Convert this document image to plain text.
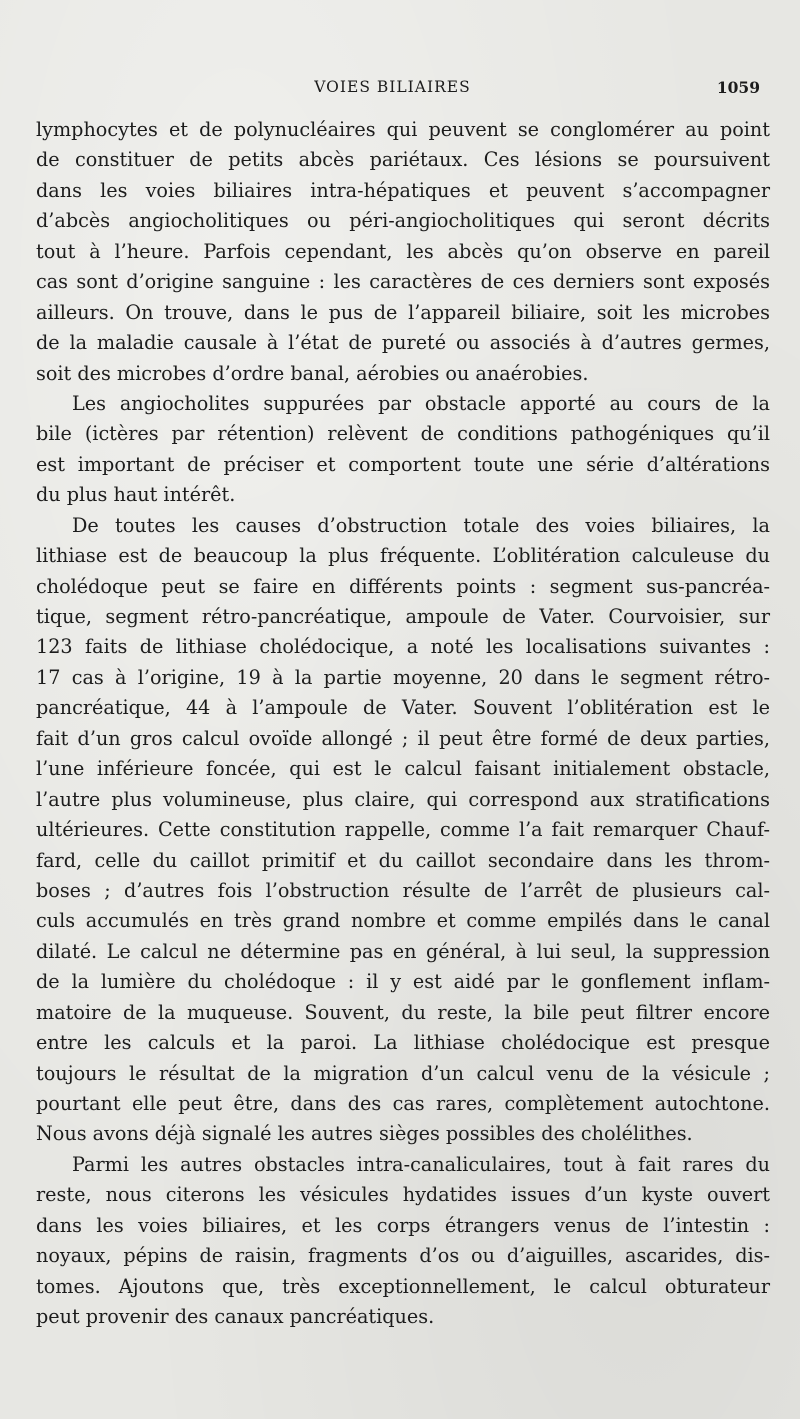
VOIES BILIAIRES	1059
lymphocytes et de polynucléaires qui peuvent se conglomérer au point
de constituer de petits abcès pariétaux. Ces lésions se poursuivent
dans les voies biliaires intra-hépatiques et peuvent s’accompagner
d’abcès angiocholitiques ou péri-angiocholitiques qui seront décrits
tout à l’heure. Parfois cependant, les abcès qu’on observe en pareil
cas sont d’origine sanguine : les caractères de ces derniers sont exposés
ailleurs. On trouve, dans le pus de l’appareil biliaire, soit les microbes
de la maladie causale à l’état de pureté ou associés à d’autres germes,
soit des microbes d’ordre banal, aérobies ou anaérobies.
Les angiocholites suppurées par obstacle apporté au cours de la
bile (ictères par rétention) relèvent de conditions pathogéniques qu’il
est important de préciser et comportent toute une série d’altérations
du plus haut intérêt.
De toutes les causes d’obstruction totale des voies biliaires, la
lithiase est de beaucoup la plus fréquente. L’oblitération calculeuse du
cholédoque peut se faire en différents points : segment sus-pancréa-
tique, segment rétro-pancréatique, ampoule de Vater. Courvoisier, sur
123 faits de lithiase cholédocique, a noté les localisations suivantes :
17 cas à l’origine, 19 à la partie moyenne, 20 dans le segment rétro-
pancréatique, 44 à l’ampoule de Vater. Souvent l’oblitération est le
fait d’un gros calcul ovoïde allongé ; il peut être formé de deux parties,
l’une inférieure foncée, qui est le calcul faisant initialement obstacle,
l’autre plus volumineuse, plus claire, qui correspond aux stratifications
ultérieures. Cette constitution rappelle, comme l’a fait remarquer Chauf-
fard, celle du caillot primitif et du caillot secondaire dans les throm-
boses ; d’autres fois l’obstruction résulte de l’arrêt de plusieurs cal-
culs accumulés en très grand nombre et comme empilés dans le canal
dilaté. Le calcul ne détermine pas en général, à lui seul, la suppression
de la lumière du cholédoque : il y est aidé par le gonflement inflam-
matoire de la muqueuse. Souvent, du reste, la bile peut filtrer encore
entre les calculs et la paroi. La lithiase cholédocique est presque
toujours le résultat de la migration d’un calcul venu de la vésicule ;
pourtant elle peut être, dans des cas rares, complètement autochtone.
Nous avons déjà signalé les autres sièges possibles des cholélithes.
Parmi les autres obstacles intra-canaliculaires, tout à fait rares du
reste, nous citerons les vésicules hydatides issues d’un kyste ouvert
dans les voies biliaires, et les corps étrangers venus de l’intestin :
noyaux, pépins de raisin, fragments d’os ou d’aiguilles, ascarides, dis-
tomes. Ajoutons que, très exceptionnellement, le calcul obturateur
peut provenir des canaux pancréatiques.
